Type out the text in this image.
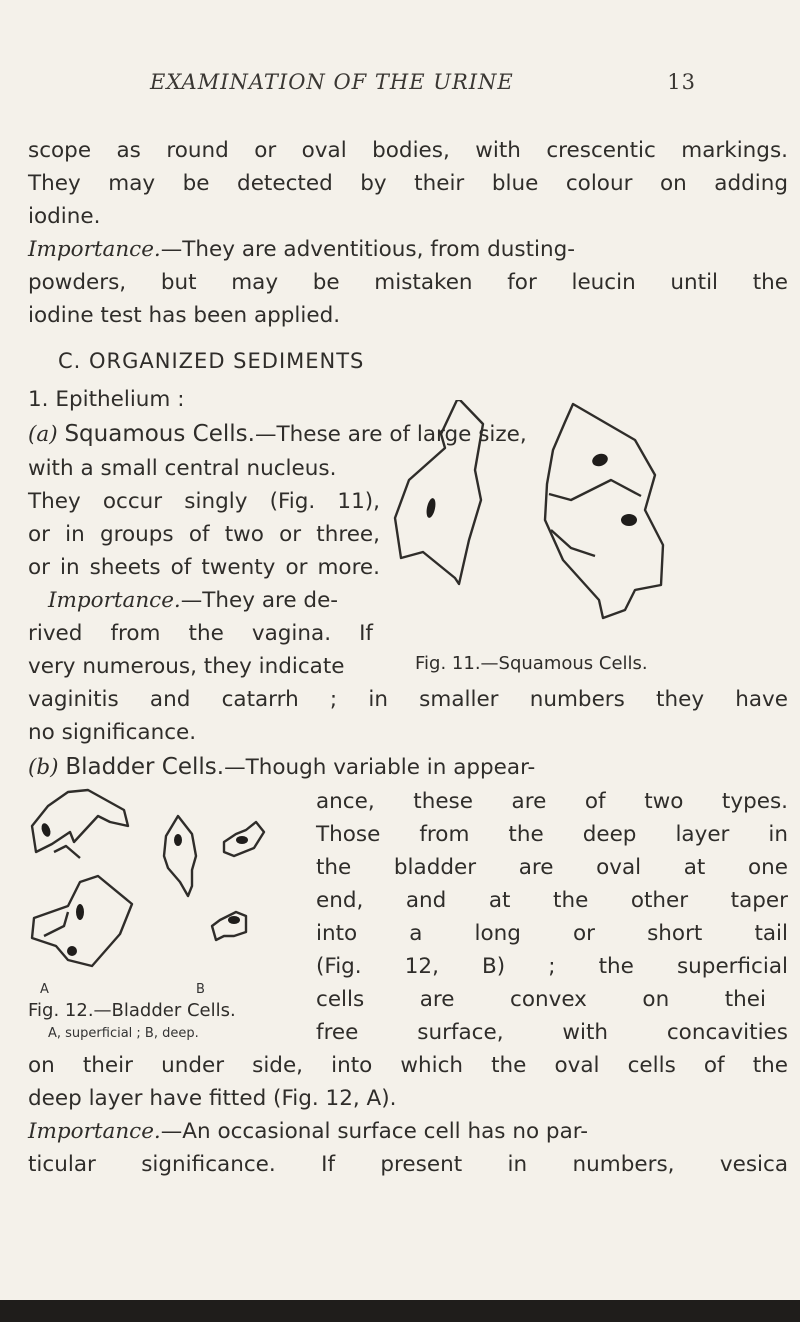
EXAMINATION OF THE URINE	13
scope as round or oval bodies, with crescentic markings.
They may be detected by their blue colour on adding
iodine.
Importance.—They are adventitious, from dusting-
powders, but may be mistaken for leucin until the
iodine test has been applied.
C. ORGANIZED SEDIMENTS
1. Epithelium :
(a) Squamous Cells.—These are of large size,
with a small central nucleus.
They occur singly (Fig. 11),
or in groups of two or three,
or in sheets of twenty or more.
Importance.—They are de-
rived from the vagina. If
very numerous, they indicate	Fig. 11.—Squamous Cells.
vaginitis and catarrh ; in smaller numbers they have
no significance.
(b) Bladder Cells.—Though variable in appear-
ance, these are of two types.
Those from the deep layer in
the bladder are oval at one
end, and at the other taper
into a long or short tail
(Fig. 12, B) ; the superficial
cells are convex on thei
free surface, with concavities
A	B
Fig. 12.—Bladder Cells.
A, superficial ; B, deep.
on their under side, into which the oval cells of the
deep layer have fitted (Fig. 12, A).
Importance.—An occasional surface cell has no par-
ticular significance. If present in numbers, vesica
